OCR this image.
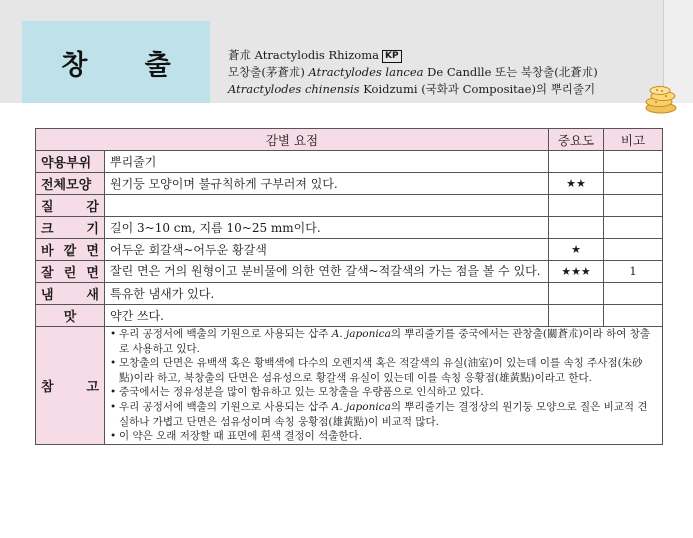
창 출	蒼朮 Atractylodis Rhizoma KP
모창출(茅蒼朮) Atractylodes lancea De Candlle 또는 북창출(北蒼朮)
Atractylodes chinensis Koidzumi (국화과 Compositae)의 뿌리줄기
감별 요점		중요도	비고
약용부위	뿌리줄기		
전체모양	원기둥 모양이며 불규칙하게 구부러져 있다.	★★	
질 감			
크 기	길이 3~10 cm, 지름 10~25 mm이다.		
바 깥 면	어두운 회갈색~어두운 황갈색	★	
잘 린 면	잘린 면은 거의 원형이고 분비물에 의한 연한 갈색~적갈색의 가는 점을 볼 수 있다.	★★★	1
냄 새	특유한 냄새가 있다.		
맛	약간 쓰다.		
참 고	• 우리 공정서에 백출의 기원으로 사용되는 삽주 A. japonica의 뿌리줄기를 중국에서는 관창출(關蒼朮)이라 하여 창출로 사용하고 있다.
• 모창출의 단면은 유백색 혹은 황백색에 다수의 오렌지색 혹은 적갈색의 유실(油室)이 있는데 이를 속칭 주사점(朱砂點)이라 하고, 북창출의 단면은 섬유성으로 황갈색 유실이 있는데 이를 속칭 응황점(雄黃點)이라고 한다.
• 중국에서는 정유성분을 많이 함유하고 있는 모창출을 우량품으로 인식하고 있다.
• 우리 공정서에 백출의 기원으로 사용되는 삽주 A. japonica의 뿌리줄기는 결정상의 원기둥 모양으로 질은 비교적 견실하나 가볍고 단면은 섬유성이며 속칭 웅황점(雄黃點)이 비교적 많다.
• 이 약은 오래 저장할 때 표면에 흰색 결정이 석출한다.		
